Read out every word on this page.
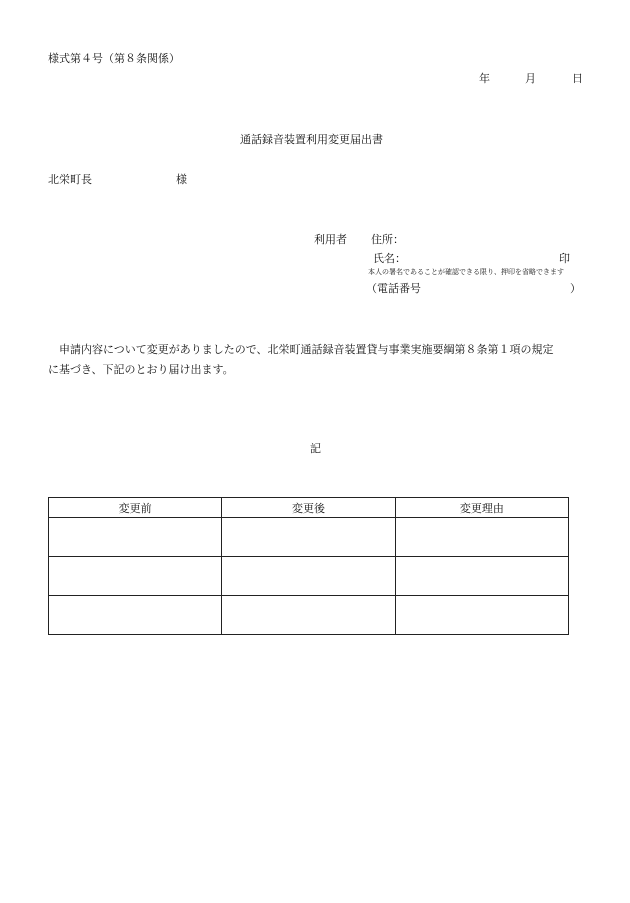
様式第４号（第８条関係）
年	月	日
通話録音装置利用変更届出書
北栄町長	様
利用者 住所：
氏名：	印
本人の署名であることが確認できる限り、押印を省略できます
（電話番号	）
申請内容について変更がありましたので、北栄町通話録音装置貸与事業実施要綱第８条第１項の規定
に基づき、下記のとおり届け出ます。
記
変更前	変更後	変更理由
